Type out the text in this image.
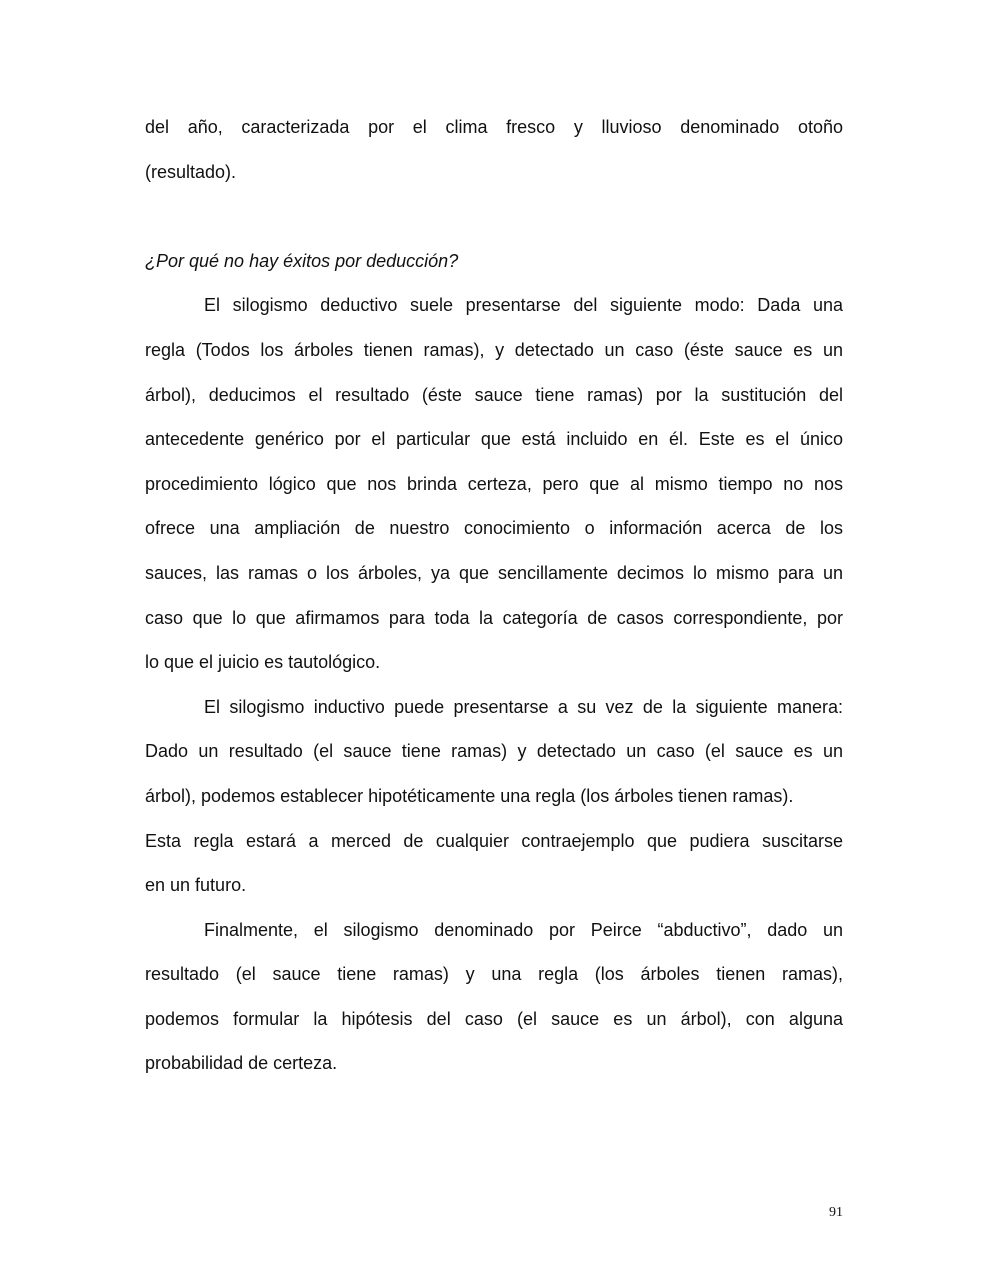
del año, caracterizada por el clima fresco y lluvioso denominado otoño
(resultado).
¿Por qué no hay éxitos por deducción?
El silogismo deductivo suele presentarse del siguiente modo: Dada una
regla (Todos los árboles tienen ramas), y detectado un caso (éste sauce es un
árbol), deducimos el resultado (éste sauce tiene ramas) por la sustitución del
antecedente genérico por el particular que está incluido en él. Este es el único
procedimiento lógico que nos brinda certeza, pero que al mismo tiempo no nos
ofrece una ampliación de nuestro conocimiento o información acerca de los
sauces, las ramas o los árboles, ya que sencillamente decimos lo mismo para un
caso que lo que afirmamos para toda la categoría de casos correspondiente, por
lo que el juicio es tautológico.
El silogismo inductivo puede presentarse a su vez de la siguiente manera:
Dado un resultado (el sauce tiene ramas) y detectado un caso (el sauce es un
árbol), podemos establecer hipotéticamente una regla (los árboles tienen ramas).
Esta regla estará a merced de cualquier contraejemplo que pudiera suscitarse
en un futuro.
Finalmente, el silogismo denominado por Peirce “abductivo”, dado un
resultado (el sauce tiene ramas) y una regla (los árboles tienen ramas),
podemos formular la hipótesis del caso (el sauce es un árbol), con alguna
probabilidad de certeza.
91
